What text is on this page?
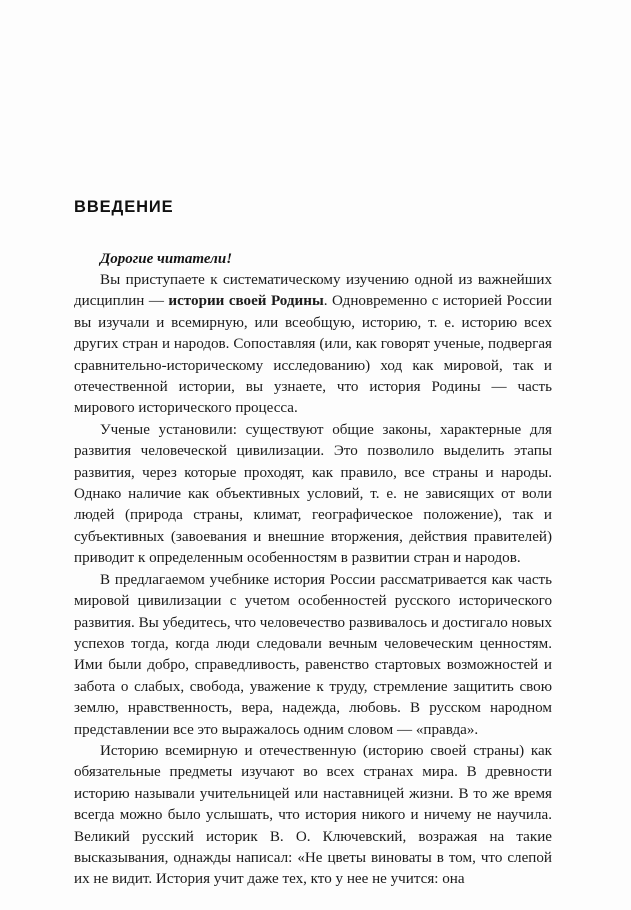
ВВЕДЕНИЕ

Дорогие читатели!

Вы приступаете к систематическому изучению одной из важнейших дисциплин — истории своей Родины. Одновременно с историей России вы изучали и всемирную, или всеобщую, историю, т. е. историю всех других стран и народов. Сопоставляя (или, как говорят ученые, подвергая сравнительно-историческому исследованию) ход как мировой, так и отечественной истории, вы узнаете, что история Родины — часть мирового исторического процесса.

Ученые установили: существуют общие законы, характерные для развития человеческой цивилизации. Это позволило выделить этапы развития, через которые проходят, как правило, все страны и народы. Однако наличие как объективных условий, т. е. не зависящих от воли людей (природа страны, климат, географическое положение), так и субъективных (завоевания и внешние вторжения, действия правителей) приводит к определенным особенностям в развитии стран и народов.

В предлагаемом учебнике история России рассматривается как часть мировой цивилизации с учетом особенностей русского исторического развития. Вы убедитесь, что человечество развивалось и достигало новых успехов тогда, когда люди следовали вечным человеческим ценностям. Ими были добро, справедливость, равенство стартовых возможностей и забота о слабых, свобода, уважение к труду, стремление защитить свою землю, нравственность, вера, надежда, любовь. В русском народном представлении все это выражалось одним словом — «правда».

Историю всемирную и отечественную (историю своей страны) как обязательные предметы изучают во всех странах мира. В древности историю называли учительницей или наставницей жизни. В то же время всегда можно было услышать, что история никого и ничему не научила. Великий русский историк В. О. Ключевский, возражая на такие высказывания, однажды написал: «Не цветы виноваты в том, что слепой их не видит. История учит даже тех, кто у нее не учится: она
